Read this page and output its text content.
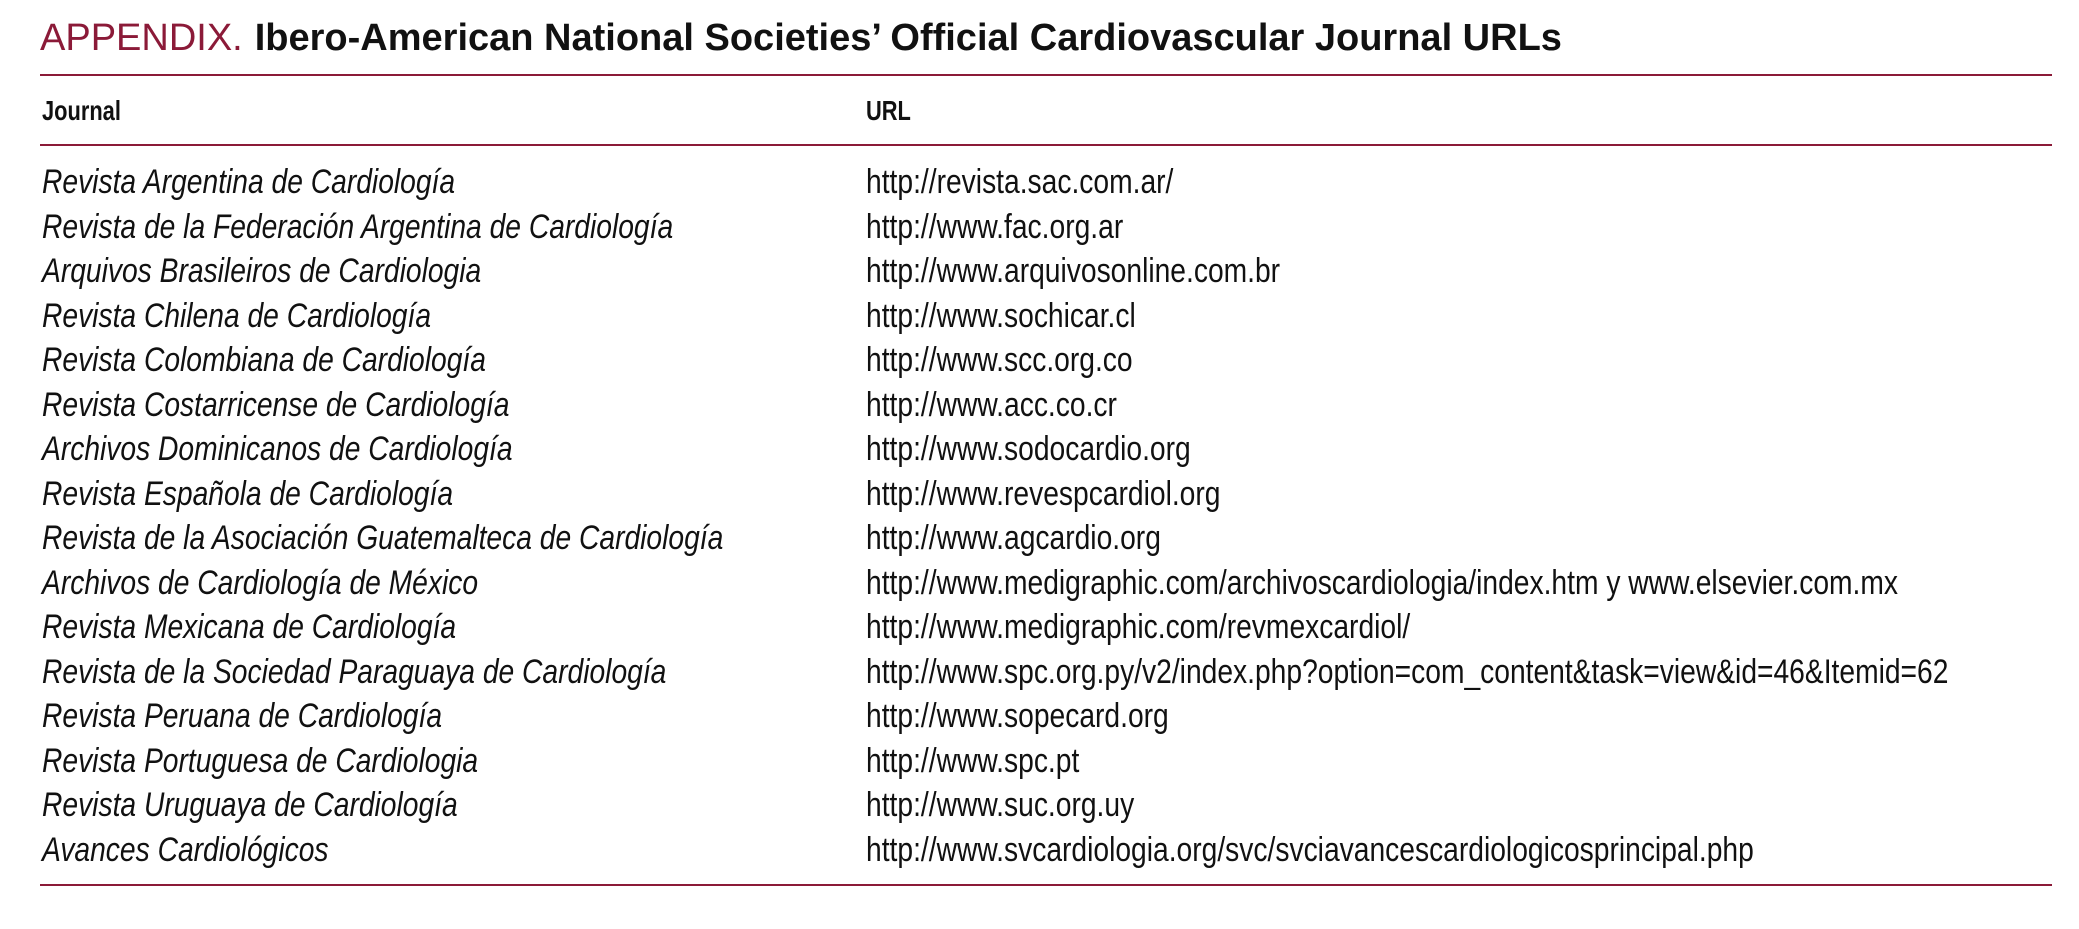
APPENDIX. Ibero-American National Societies’ Official Cardiovascular Journal URLs
Journal	URL
Revista Argentina de Cardiología	http://revista.sac.com.ar/
Revista de la Federación Argentina de Cardiología	http://www.fac.org.ar
Arquivos Brasileiros de Cardiologia	http://www.arquivosonline.com.br
Revista Chilena de Cardiología	http://www.sochicar.cl
Revista Colombiana de Cardiología	http://www.scc.org.co
Revista Costarricense de Cardiología	http://www.acc.co.cr
Archivos Dominicanos de Cardiología	http://www.sodocardio.org
Revista Española de Cardiología	http://www.revespcardiol.org
Revista de la Asociación Guatemalteca de Cardiología	http://www.agcardio.org
Archivos de Cardiología de México	http://www.medigraphic.com/archivoscardiologia/index.htm y www.elsevier.com.mx
Revista Mexicana de Cardiología	http://www.medigraphic.com/revmexcardiol/
Revista de la Sociedad Paraguaya de Cardiología	http://www.spc.org.py/v2/index.php?option=com_content&task=view&id=46&Itemid=62
Revista Peruana de Cardiología	http://www.sopecard.org
Revista Portuguesa de Cardiologia	http://www.spc.pt
Revista Uruguaya de Cardiología	http://www.suc.org.uy
Avances Cardiológicos	http://www.svcardiologia.org/svc/svciavancescardiologicosprincipal.php
